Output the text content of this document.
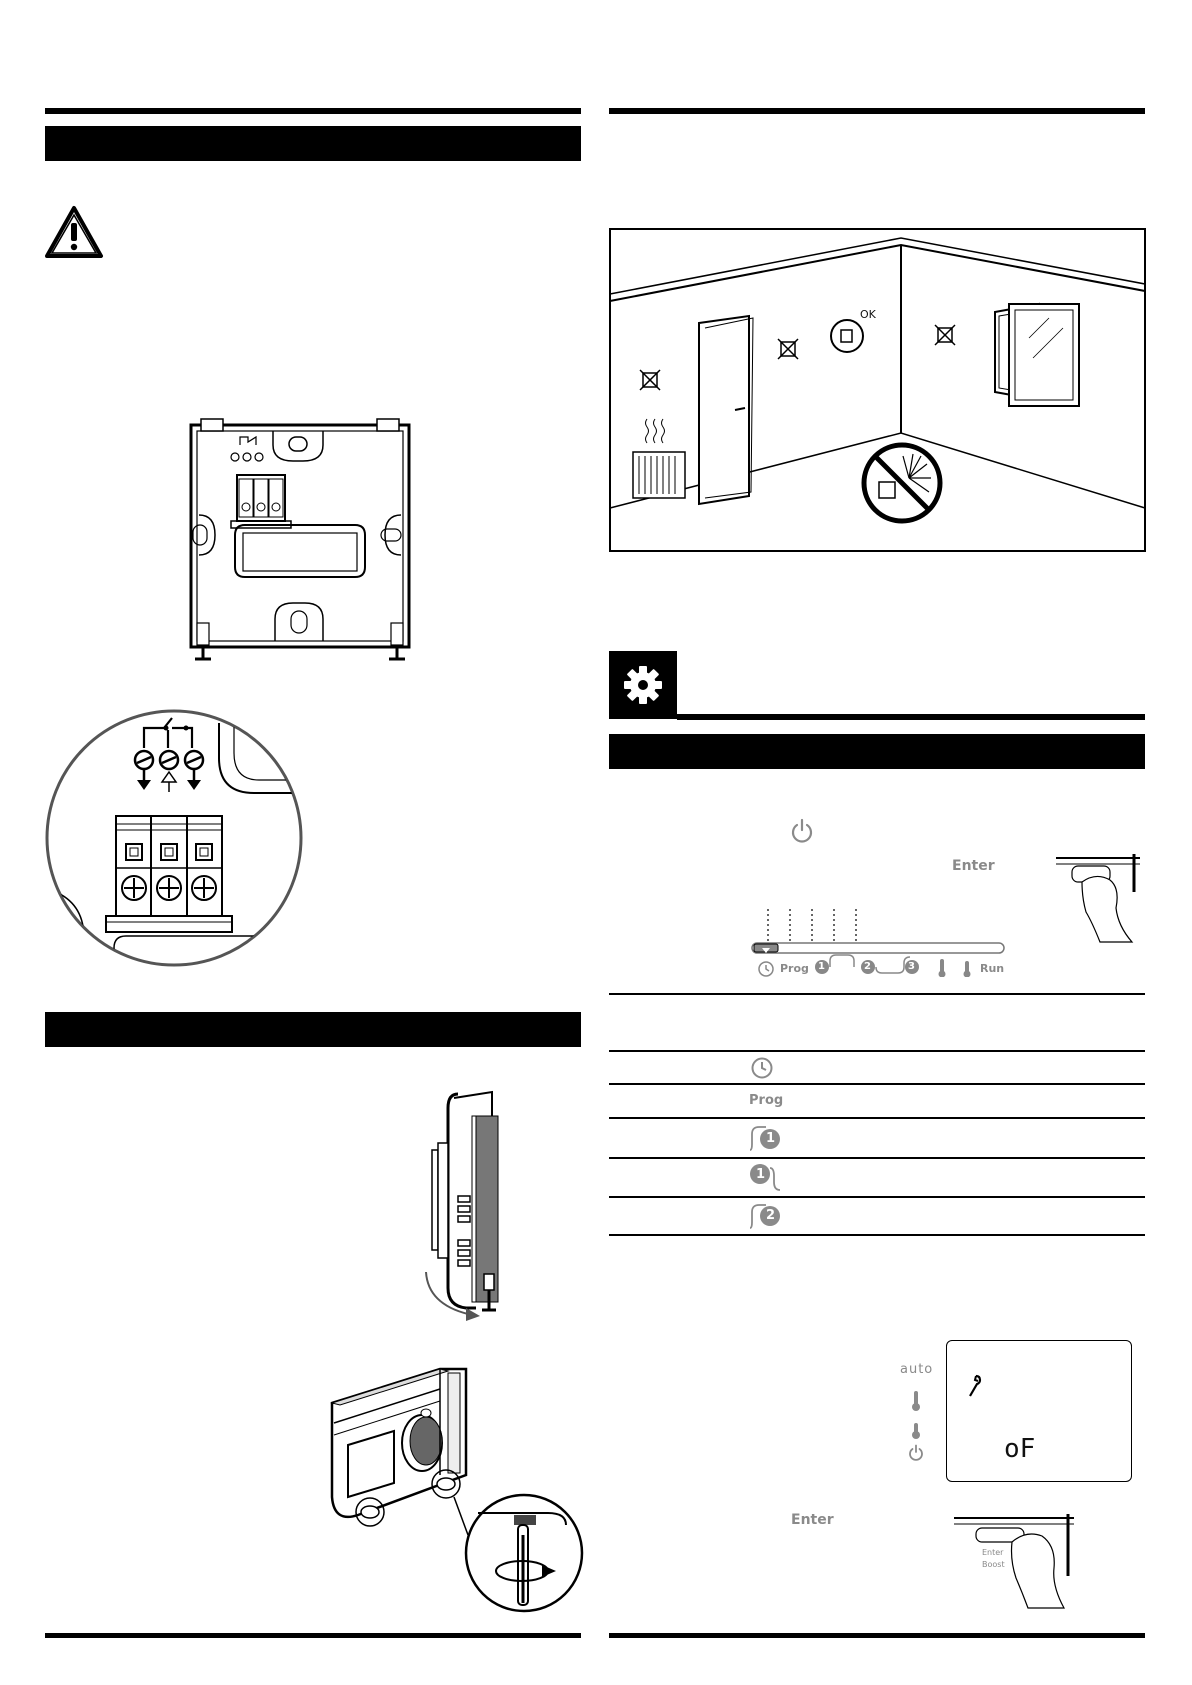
OK
Enter
Prog	Run
1	2	3
Prog
1
1
2
auto
oF
Enter
Enter
Boost
